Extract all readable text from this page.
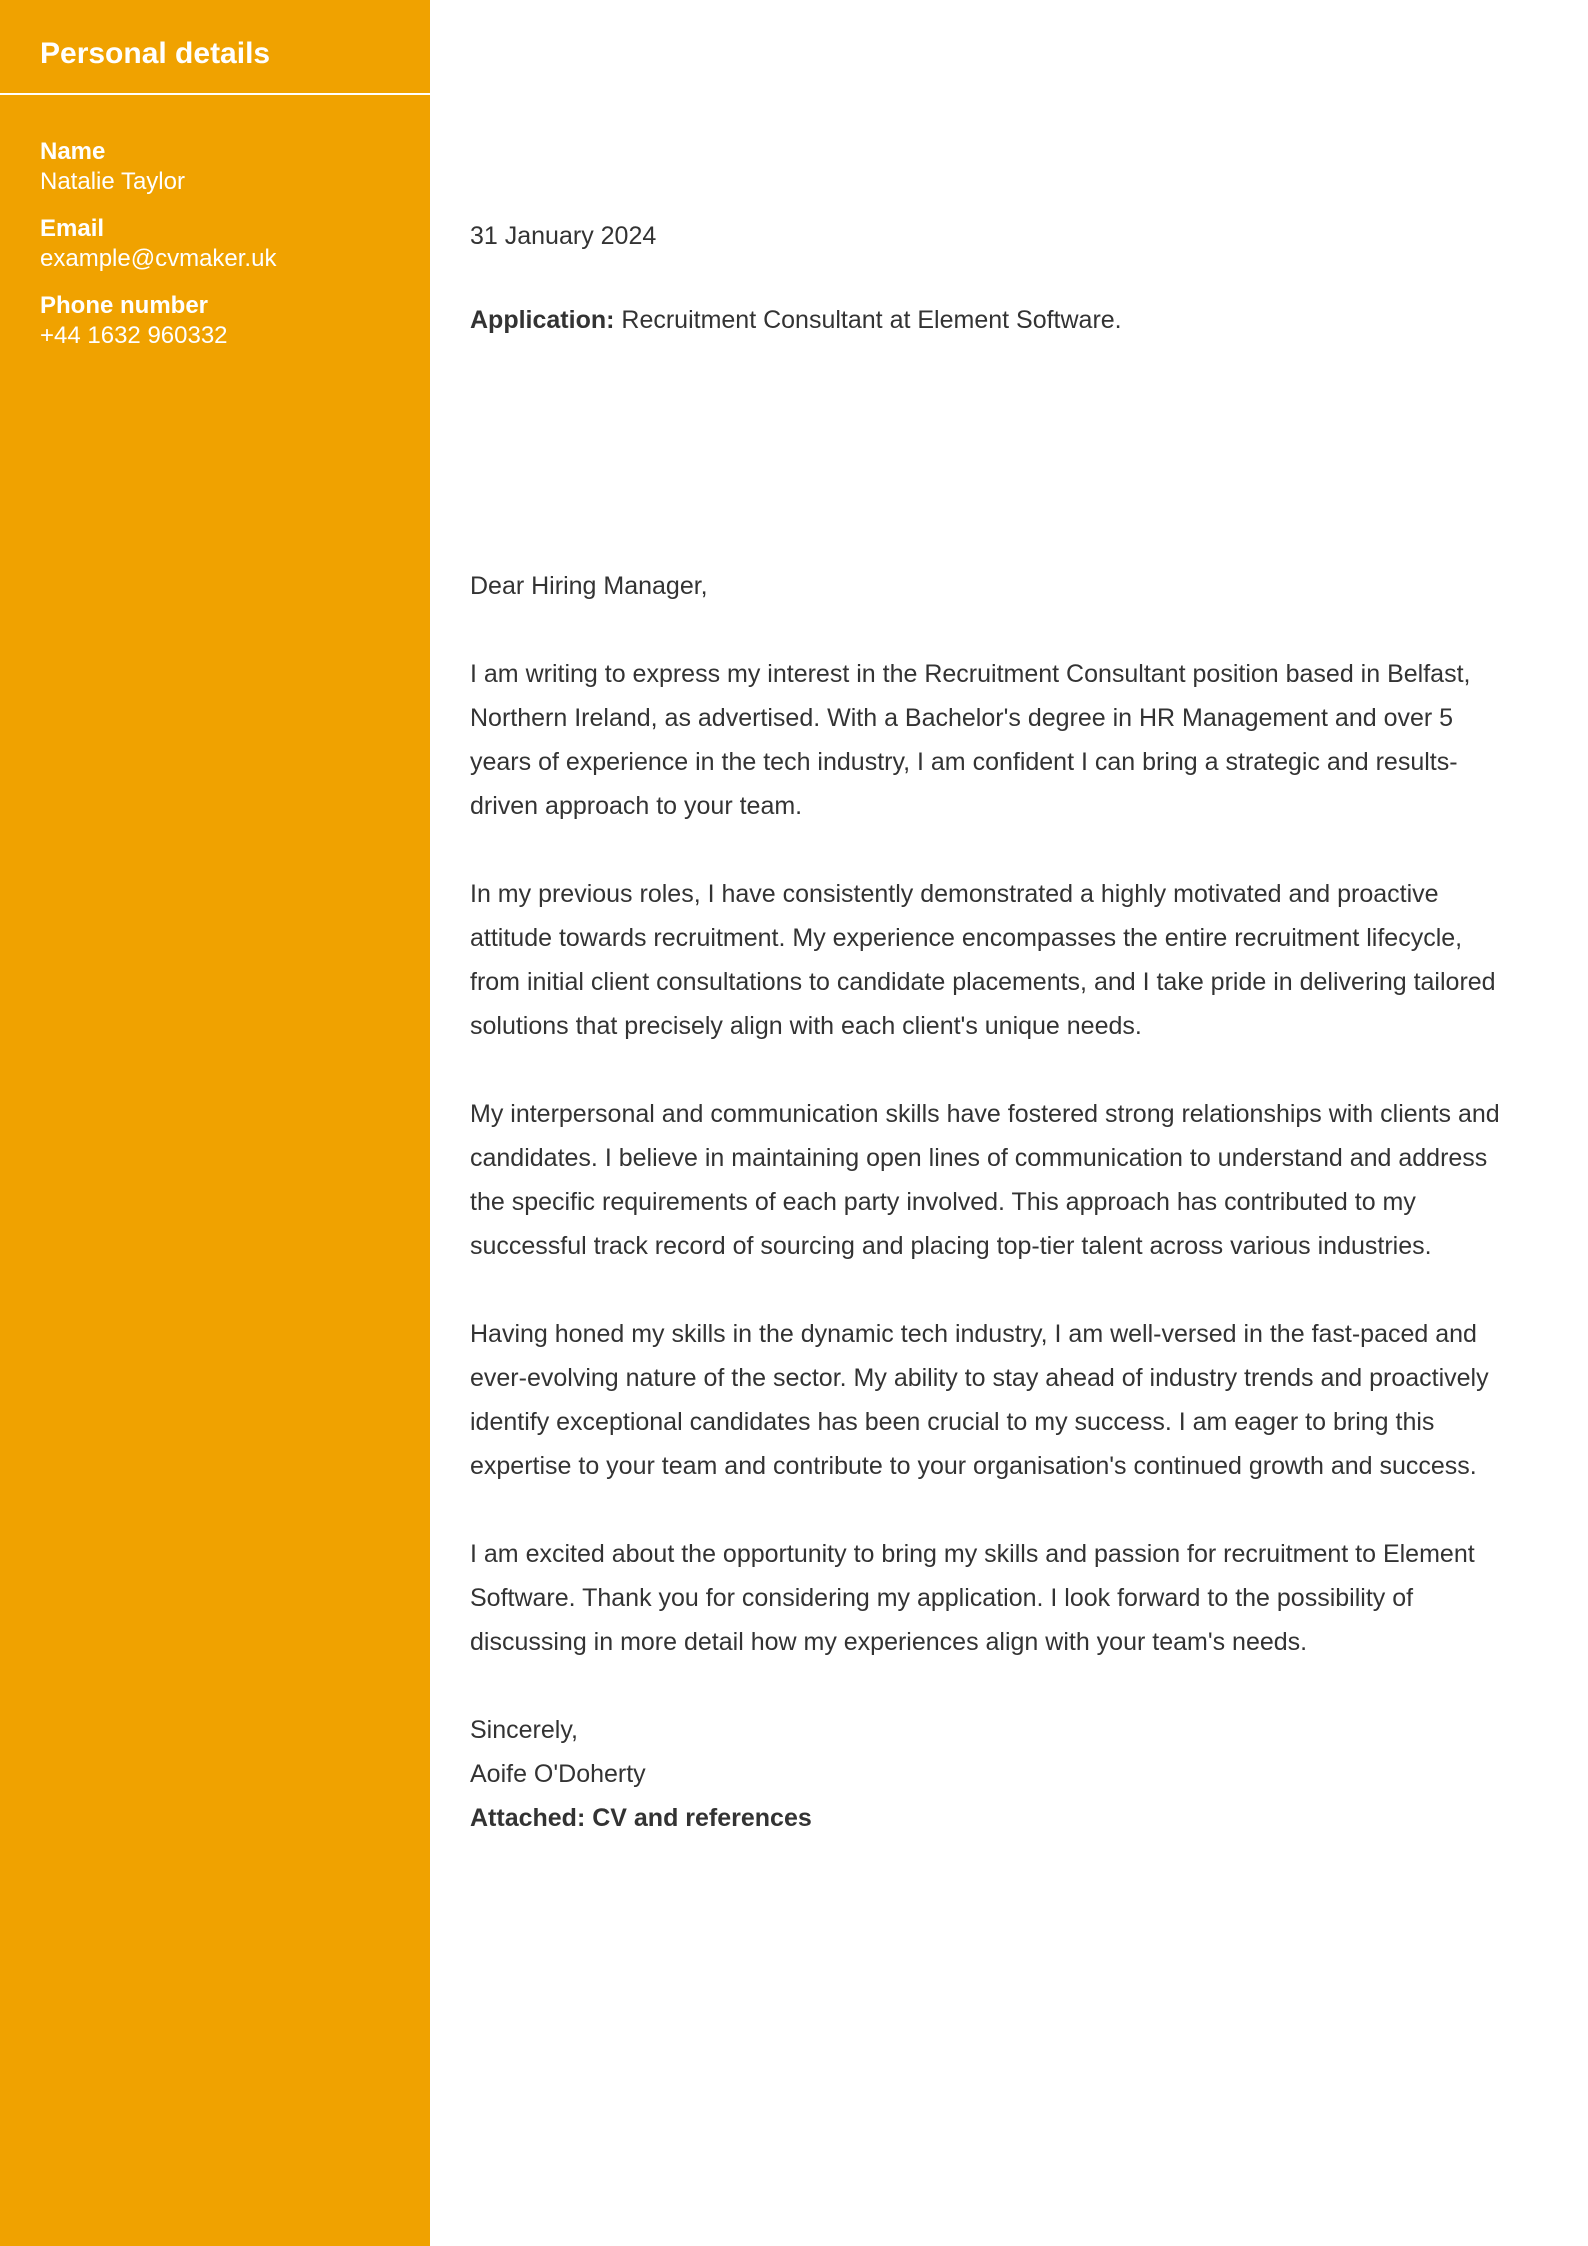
Personal details
Name
Natalie Taylor
Email
example@cvmaker.uk
Phone number
+44 1632 960332
31 January 2024
Application: Recruitment Consultant at Element Software.

Dear Hiring Manager,

I am writing to express my interest in the Recruitment Consultant position based in Belfast, Northern Ireland, as advertised. With a Bachelor's degree in HR Management and over 5 years of experience in the tech industry, I am confident I can bring a strategic and results-driven approach to your team.

In my previous roles, I have consistently demonstrated a highly motivated and proactive attitude towards recruitment. My experience encompasses the entire recruitment lifecycle, from initial client consultations to candidate placements, and I take pride in delivering tailored solutions that precisely align with each client's unique needs.

My interpersonal and communication skills have fostered strong relationships with clients and candidates. I believe in maintaining open lines of communication to understand and address the specific requirements of each party involved. This approach has contributed to my successful track record of sourcing and placing top-tier talent across various industries.

Having honed my skills in the dynamic tech industry, I am well-versed in the fast-paced and ever-evolving nature of the sector. My ability to stay ahead of industry trends and proactively identify exceptional candidates has been crucial to my success. I am eager to bring this expertise to your team and contribute to your organisation's continued growth and success.

I am excited about the opportunity to bring my skills and passion for recruitment to Element Software. Thank you for considering my application. I look forward to the possibility of discussing in more detail how my experiences align with your team's needs.

Sincerely,

Aoife O'Doherty

Attached: CV and references
